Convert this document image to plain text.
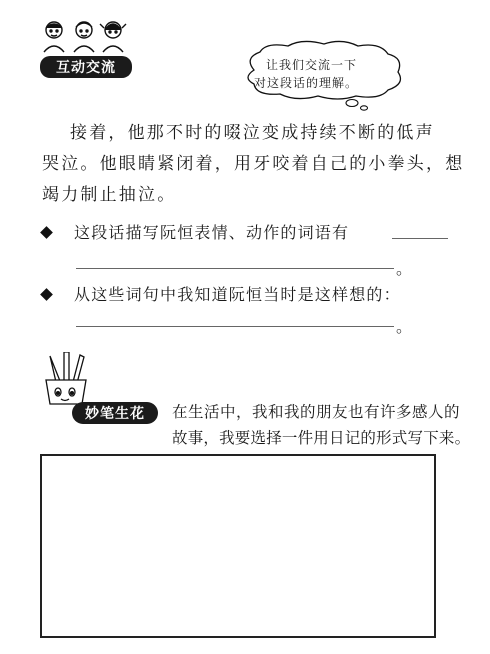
互动交流	让我们交流一下
对这段话的理解。
接着，他那不时的啜泣变成持续不断的低声
哭泣。他眼睛紧闭着，用牙咬着自己的小拳头，想
竭力制止抽泣。
这段话描写阮恒表情、动作的词语有
。
从这些词句中我知道阮恒当时是这样想的：
。
妙笔生花	在生活中，我和我的朋友也有许多感人的
故事，我要选择一件用日记的形式写下来。
